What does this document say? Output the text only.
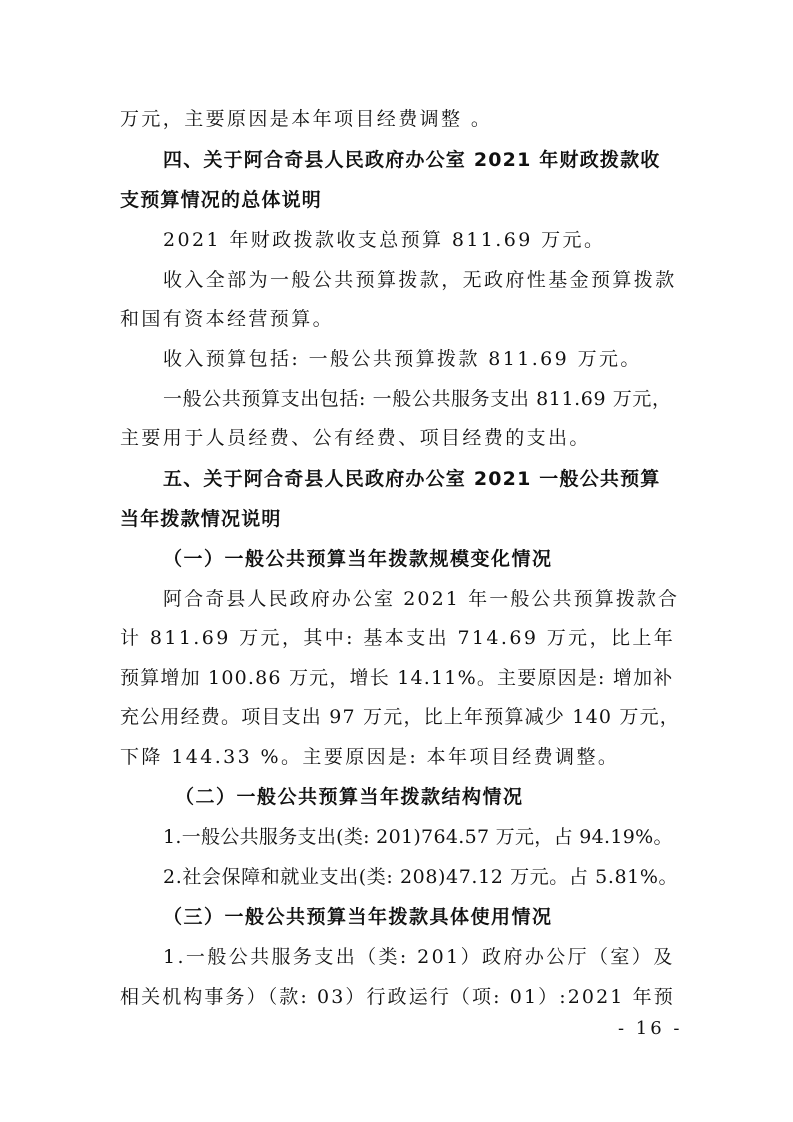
万元，主要原因是本年项目经费调整 。
四、关于阿合奇县人民政府办公室 2021 年财政拨款收
支预算情况的总体说明
2021 年财政拨款收支总预算 811.69 万元。
收入全部为一般公共预算拨款，无政府性基金预算拨款
和国有资本经营预算。
收入预算包括: 一般公共预算拨款 811.69 万元。
一般公共预算支出包括: 一般公共服务支出 811.69 万元，
主要用于人员经费、公有经费、项目经费的支出。
五、关于阿合奇县人民政府办公室 2021 一般公共预算
当年拨款情况说明
（一）一般公共预算当年拨款规模变化情况
阿合奇县人民政府办公室 2021 年一般公共预算拨款合
计 811.69 万元，其中: 基本支出 714.69 万元，比上年
预算增加 100.86 万元，增长 14.11%。主要原因是: 增加补
充公用经费。项目支出 97 万元，比上年预算减少 140 万元，
下降 144.33 %。主要原因是: 本年项目经费调整。
（二）一般公共预算当年拨款结构情况
1.一般公共服务支出(类: 201)764.57 万元，占 94.19%。
2.社会保障和就业支出(类: 208)47.12 万元。占 5.81%。
（三）一般公共预算当年拨款具体使用情况
1.一般公共服务支出（类: 201）政府办公厅（室）及
相关机构事务）（款: 03）行政运行（项: 01）:2021 年预
- 16 -
